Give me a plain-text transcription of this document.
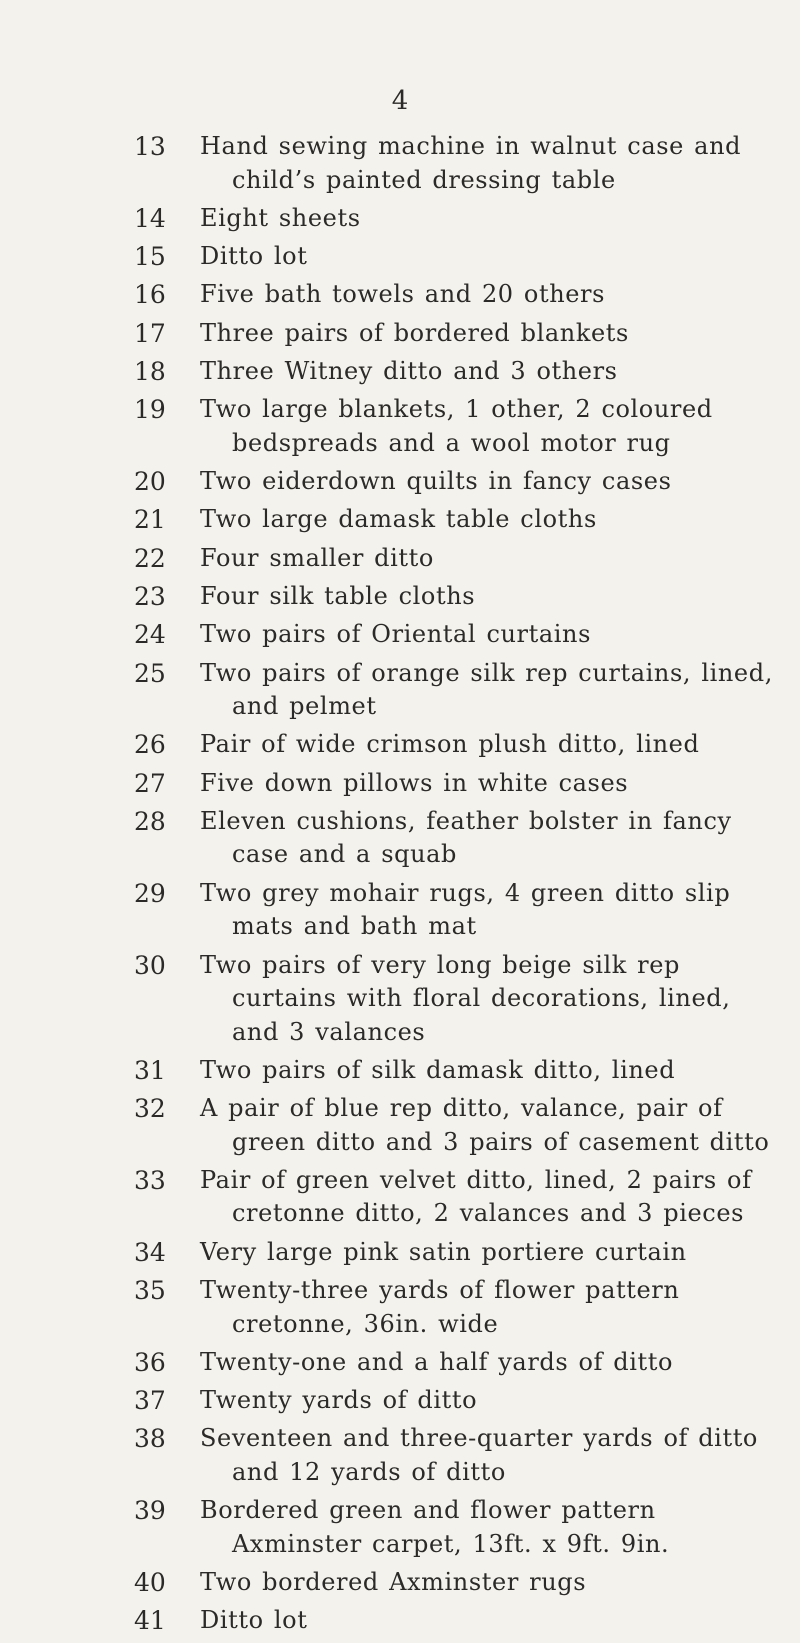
4
13	Hand sewing machine in walnut case and child’s painted dressing table
14	Eight sheets
15	Ditto lot
16	Five bath towels and 20 others
17	Three pairs of bordered blankets
18	Three Witney ditto and 3 others
19	Two large blankets, 1 other, 2 coloured bedspreads and a wool motor rug
20	Two eiderdown quilts in fancy cases
21	Two large damask table cloths
22	Four smaller ditto
23	Four silk table cloths
24	Two pairs of Oriental curtains
25	Two pairs of orange silk rep curtains, lined, and pelmet
26	Pair of wide crimson plush ditto, lined
27	Five down pillows in white cases
28	Eleven cushions, feather bolster in fancy case and a squab
29	Two grey mohair rugs, 4 green ditto slip mats and bath mat
30	Two pairs of very long beige silk rep curtains with floral decorations, lined, and 3 valances
31	Two pairs of silk damask ditto, lined
32	A pair of blue rep ditto, valance, pair of green ditto and 3 pairs of casement ditto
33	Pair of green velvet ditto, lined, 2 pairs of cretonne ditto, 2 valances and 3 pieces
34	Very large pink satin portiere curtain
35	Twenty-three yards of flower pattern cretonne, 36in. wide
36	Twenty-one and a half yards of ditto
37	Twenty yards of ditto
38	Seventeen and three-quarter yards of ditto and 12 yards of ditto
39	Bordered green and flower pattern Axminster carpet, 13ft. x 9ft. 9in.
40	Two bordered Axminster rugs
41	Ditto lot
